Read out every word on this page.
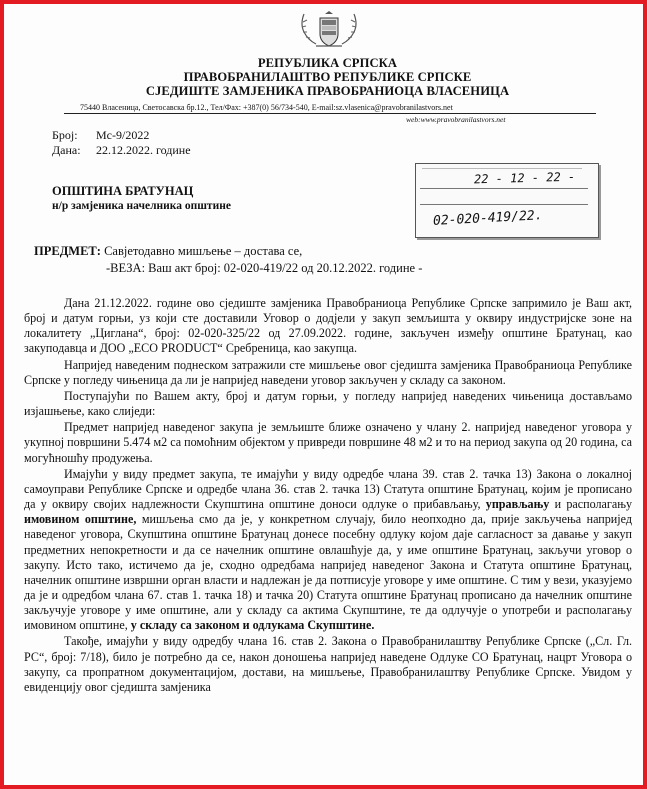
РЕПУБЛИКА СРПСКА
ПРАВОБРАНИЛАШТВО РЕПУБЛИКЕ СРПСКЕ
СЈЕДИШТЕ ЗАМЈЕНИКА ПРАВОБРАНИОЦА ВЛАСЕНИЦА
75440 Власеница, Светосавска бр.12., Тел/Фах: +387(0) 56/734-540, E-mail:sz.vlasenica@pravobranilastvors.net
web:www.pravobranilastvors.net
Број: Мс-9/2022
Дана: 22.12.2022. године
ОПШТИНА БРАТУНАЦ
н/р замјеника начелника општине
22 - 12 - 22 -
02-020-419/22.
ПРЕДМЕТ: Савјетодавно мишљење – достава се,
-ВЕЗА: Ваш акт број: 02-020-419/22 од 20.12.2022. године -

Дана 21.12.2022. године ово сједиште замјеника Правобраниоца Републике Српске запримило је Ваш акт, број и датум горњи, уз који сте доставили Уговор о додјели у закуп земљишта у оквиру индустријске зоне на локалитету „Циглана“, број: 02-020-325/22 од 27.09.2022. године, закључен између општине Братунац, као закуподавца и ДОО „ECO PRODUCT“ Сребреница, као закупца.

Напријед наведеним поднеском затражили сте мишљење овог сједишта замјеника Правобраниоца Републике Српске у погледу чињеница да ли је напријед наведени уговор закључен у складу са законом.

Поступајући по Вашем акту, број и датум горњи, у погледу напријед наведених чињеница достављамо изјашњење, како слиједи:

Предмет напријед наведеног закупа је земљиште ближе означено у члану 2. напријед наведеног уговора у укупној површини 5.474 м2 са помоћним објектом у привреди површине 48 м2 и то на период закупа од 20 година, са могућношћу продужења.

Имајући у виду предмет закупа, те имајући у виду одредбе члана 39. став 2. тачка 13) Закона о локалној самоуправи Републике Српске и одредбе члана 36. став 2. тачка 13) Статута општине Братунац, којим је прописано да у оквиру својих надлежности Скупштина општине доноси одлуке о прибављању, управљању и располагању имовином општине, мишљења смо да је, у конкретном случају, било неопходно да, прије закључења напријед наведеног уговора, Скупштина општине Братунац донесе посебну одлуку којом даје сагласност за давање у закуп предметних непокретности и да се начелник општине овлашћује да, у име општине Братунац, закључи уговор о закупу. Исто тако, истичемо да је, сходно одредбама напријед наведеног Закона и Статута општине Братунац, начелник општине извршни орган власти и надлежан је да потписује уговоре у име општине. С тим у вези, указујемо да је и одредбом члана 67. став 1. тачка 18) и тачка 20) Статута општине Братунац прописано да начелник општине закључује уговоре у име општине, али у складу са актима Скупштине, те да одлучује о употреби и располагању имовином општине, у складу са законом и одлукама Скупштине.

Такође, имајући у виду одредбу члана 16. став 2. Закона о Правобранилаштву Републике Српске („Сл. Гл. РС“, број: 7/18), било је потребно да се, након доношења напријед наведене Одлуке СО Братунац, нацрт Уговора о закупу, са пропратном документацијом, достави, на мишљење, Правобранилаштву Републике Српске. Увидом у евиденцију овог сједишта замјеника
